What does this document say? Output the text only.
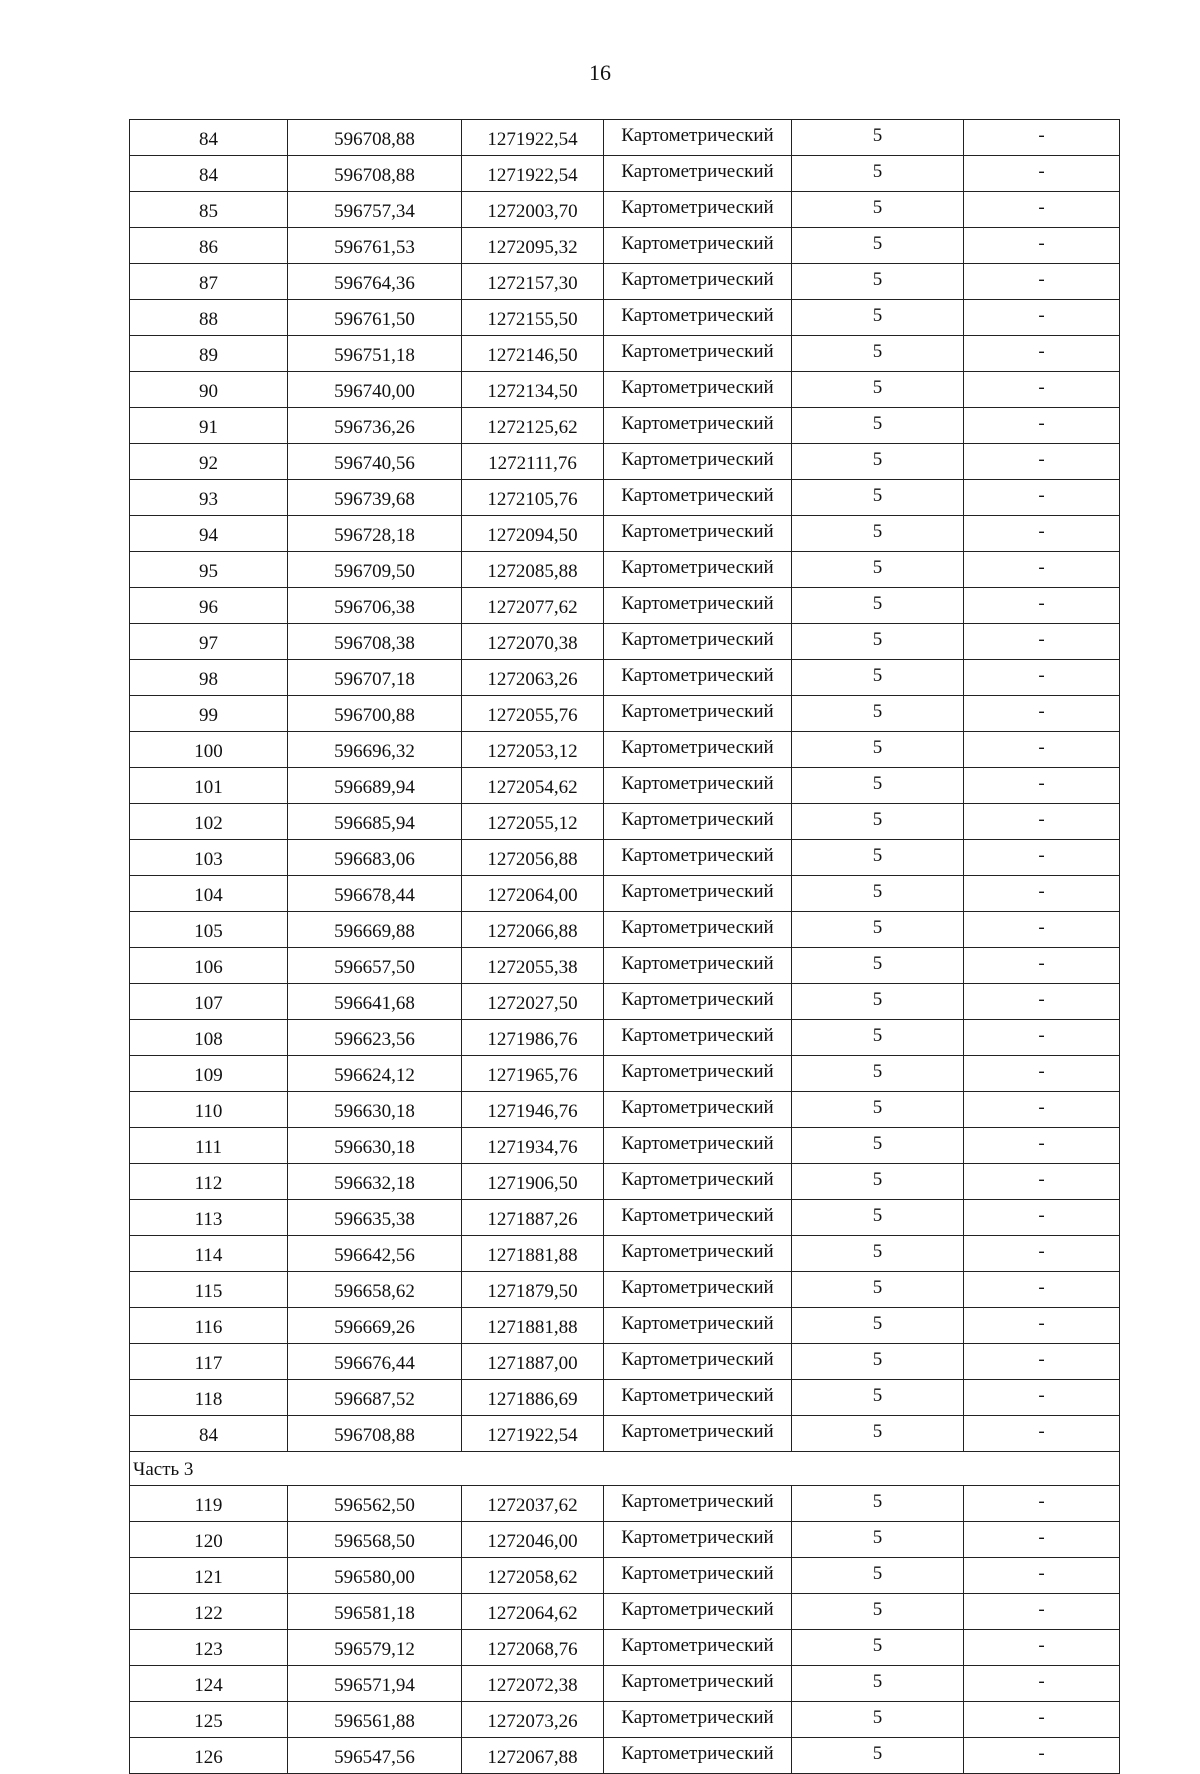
16
84	596708,88	1271922,54	Картометрический	5	-
84	596708,88	1271922,54	Картометрический	5	-
85	596757,34	1272003,70	Картометрический	5	-
86	596761,53	1272095,32	Картометрический	5	-
87	596764,36	1272157,30	Картометрический	5	-
88	596761,50	1272155,50	Картометрический	5	-
89	596751,18	1272146,50	Картометрический	5	-
90	596740,00	1272134,50	Картометрический	5	-
91	596736,26	1272125,62	Картометрический	5	-
92	596740,56	1272111,76	Картометрический	5	-
93	596739,68	1272105,76	Картометрический	5	-
94	596728,18	1272094,50	Картометрический	5	-
95	596709,50	1272085,88	Картометрический	5	-
96	596706,38	1272077,62	Картометрический	5	-
97	596708,38	1272070,38	Картометрический	5	-
98	596707,18	1272063,26	Картометрический	5	-
99	596700,88	1272055,76	Картометрический	5	-
100	596696,32	1272053,12	Картометрический	5	-
101	596689,94	1272054,62	Картометрический	5	-
102	596685,94	1272055,12	Картометрический	5	-
103	596683,06	1272056,88	Картометрический	5	-
104	596678,44	1272064,00	Картометрический	5	-
105	596669,88	1272066,88	Картометрический	5	-
106	596657,50	1272055,38	Картометрический	5	-
107	596641,68	1272027,50	Картометрический	5	-
108	596623,56	1271986,76	Картометрический	5	-
109	596624,12	1271965,76	Картометрический	5	-
110	596630,18	1271946,76	Картометрический	5	-
111	596630,18	1271934,76	Картометрический	5	-
112	596632,18	1271906,50	Картометрический	5	-
113	596635,38	1271887,26	Картометрический	5	-
114	596642,56	1271881,88	Картометрический	5	-
115	596658,62	1271879,50	Картометрический	5	-
116	596669,26	1271881,88	Картометрический	5	-
117	596676,44	1271887,00	Картометрический	5	-
118	596687,52	1271886,69	Картометрический	5	-
84	596708,88	1271922,54	Картометрический	5	-
Часть 3					
119	596562,50	1272037,62	Картометрический	5	-
120	596568,50	1272046,00	Картометрический	5	-
121	596580,00	1272058,62	Картометрический	5	-
122	596581,18	1272064,62	Картометрический	5	-
123	596579,12	1272068,76	Картометрический	5	-
124	596571,94	1272072,38	Картометрический	5	-
125	596561,88	1272073,26	Картометрический	5	-
126	596547,56	1272067,88	Картометрический	5	-
